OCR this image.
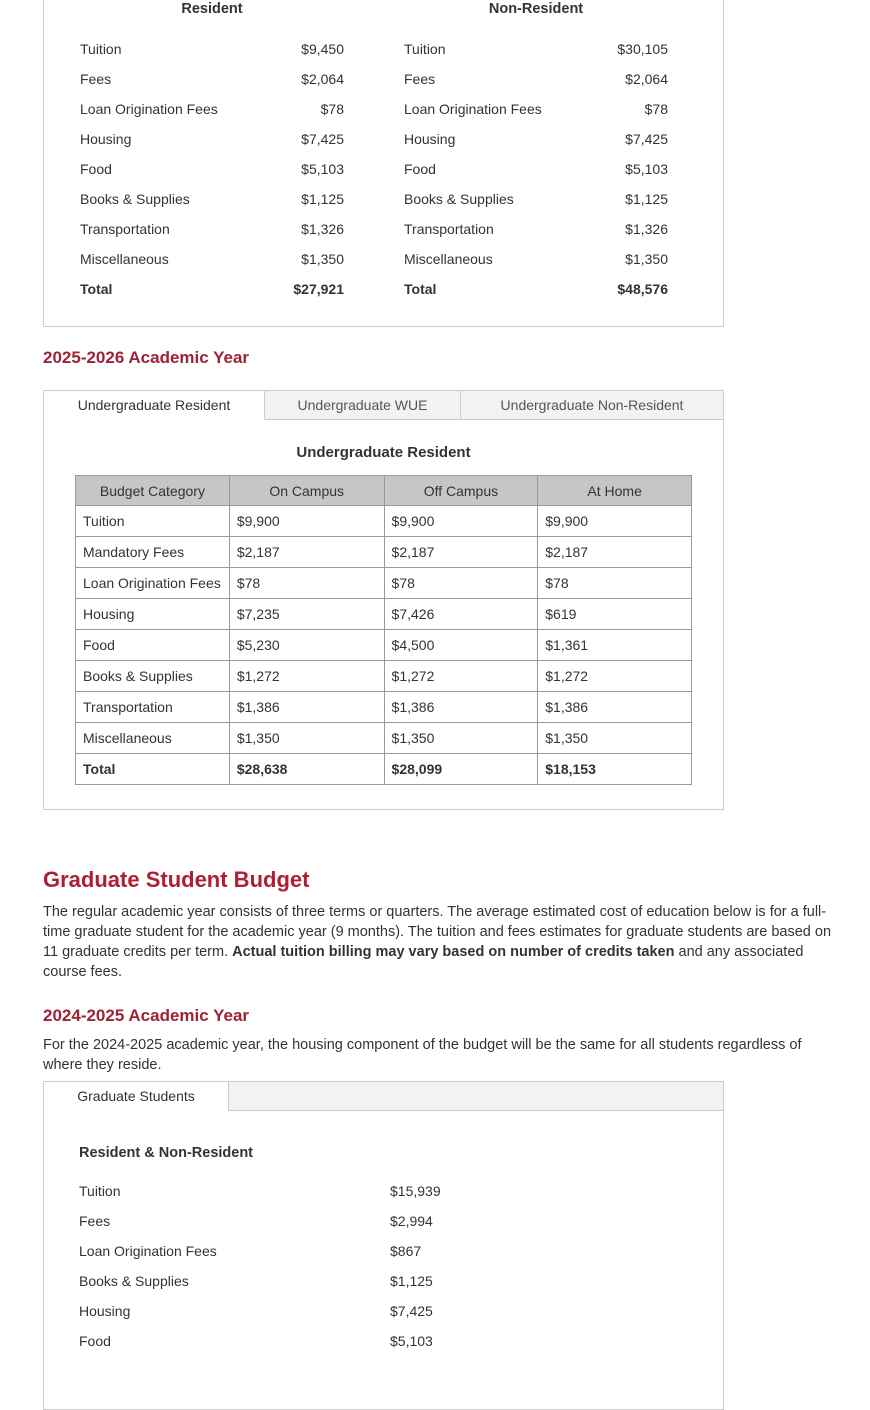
Resident
Tuition	$9,450
Fees	$2,064
Loan Origination Fees	$78
Housing	$7,425
Food	$5,103
Books & Supplies	$1,125
Transportation	$1,326
Miscellaneous	$1,350
Total	$27,921
Non-Resident
Tuition	$30,105
Fees	$2,064
Loan Origination Fees	$78
Housing	$7,425
Food	$5,103
Books & Supplies	$1,125
Transportation	$1,326
Miscellaneous	$1,350
Total	$48,576
2025-2026 Academic Year
Undergraduate Resident	Undergraduate WUE	Undergraduate Non-Resident
Undergraduate Resident
Budget Category	On Campus	Off Campus	At Home
Tuition	$9,900	$9,900	$9,900
Mandatory Fees	$2,187	$2,187	$2,187
Loan Origination Fees	$78	$78	$78
Housing	$7,235	$7,426	$619
Food	$5,230	$4,500	$1,361
Books & Supplies	$1,272	$1,272	$1,272
Transportation	$1,386	$1,386	$1,386
Miscellaneous	$1,350	$1,350	$1,350
Total	$28,638	$28,099	$18,153
Graduate Student Budget

The regular academic year consists of three terms or quarters. The average estimated cost of education below is for a full-time graduate student for the academic year (9 months). The tuition and fees estimates for graduate students are based on 11 graduate credits per term. Actual tuition billing may vary based on number of credits taken and any associated course fees.

2024-2025 Academic Year

For the 2024-2025 academic year, the housing component of the budget will be the same for all students regardless of where they reside.

Graduate Students
Resident & Non-Resident
Tuition	$15,939
Fees	$2,994
Loan Origination Fees	$867
Books & Supplies	$1,125
Housing	$7,425
Food	$5,103
